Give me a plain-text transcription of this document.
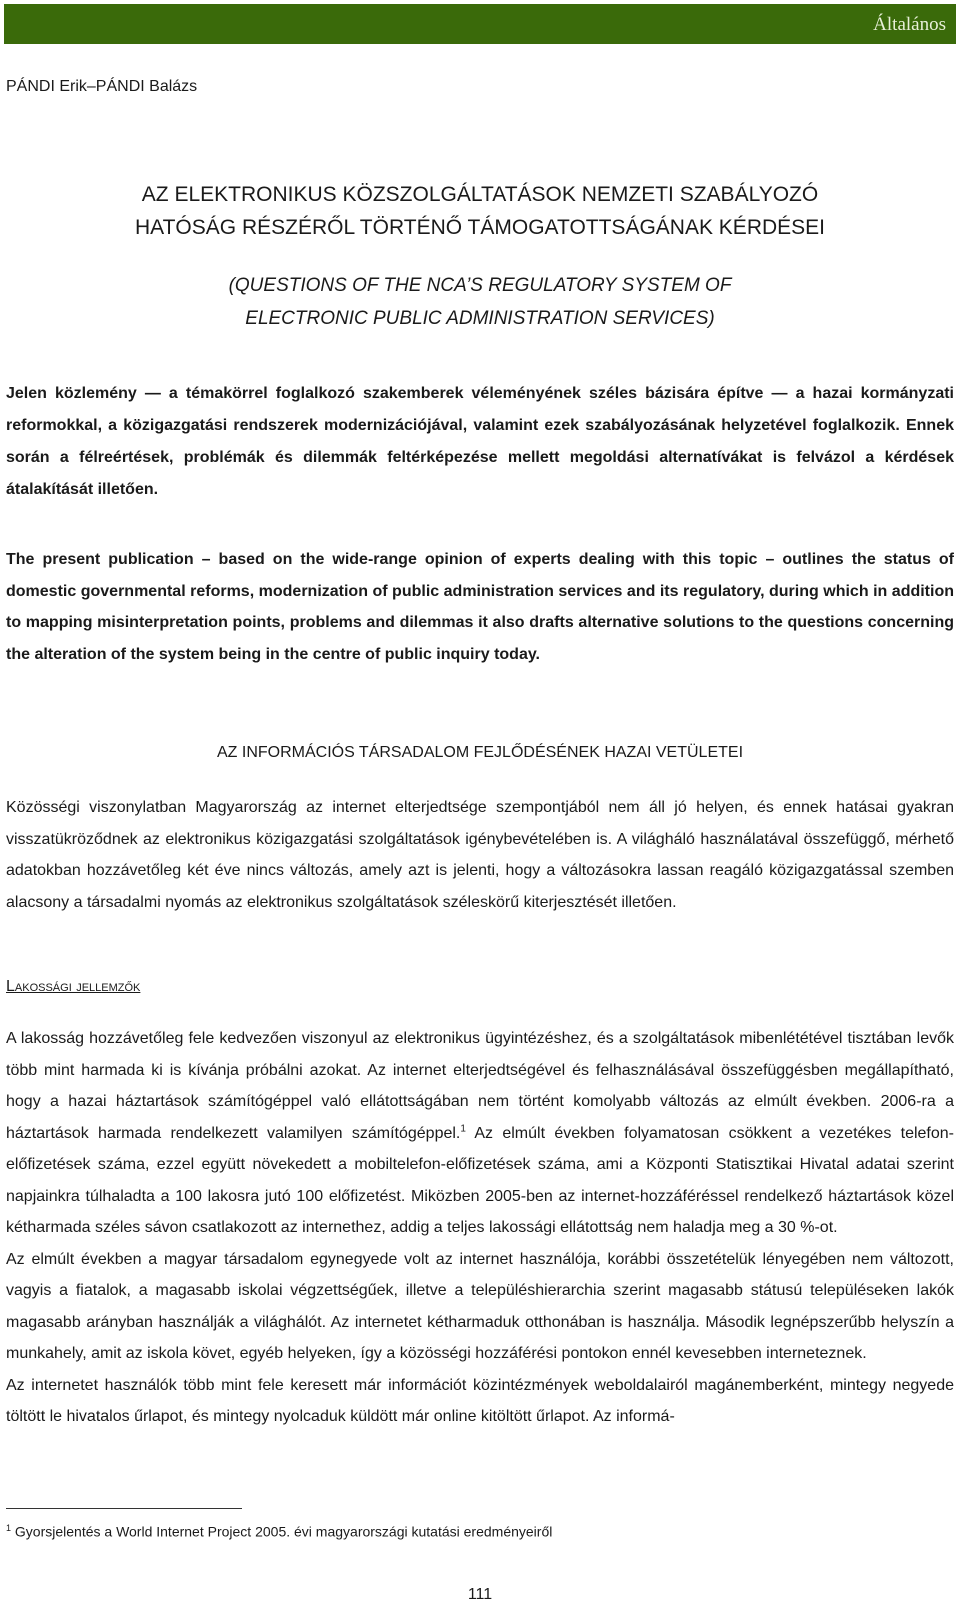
Általános
PÁNDI Erik–PÁNDI Balázs
AZ ELEKTRONIKUS KÖZSZOLGÁLTATÁSOK NEMZETI SZABÁLYOZÓ
HATÓSÁG RÉSZÉRŐL TÖRTÉNŐ TÁMOGATOTTSÁGÁNAK KÉRDÉSEI
(QUESTIONS OF THE NCA’S REGULATORY SYSTEM OF
ELECTRONIC PUBLIC ADMINISTRATION SERVICES)

Jelen közlemény — a témakörrel foglalkozó szakemberek véleményének széles bázisára építve — a hazai kormányzati reformokkal, a közigazgatási rendszerek modernizációjával, valamint ezek szabályozásának helyzetével foglalkozik. Ennek során a félreértések, problémák és dilemmák feltérképezése mellett megoldási alternatívákat is felvázol a kérdések átalakítását illetően.

The present publication – based on the wide-range opinion of experts dealing with this topic – outlines the status of domestic governmental reforms, modernization of public administration services and its regulatory, during which in addition to mapping misinterpretation points, problems and dilemmas it also drafts alternative solutions to the questions concerning the alteration of the system being in the centre of public inquiry today.

AZ INFORMÁCIÓS TÁRSADALOM FEJLŐDÉSÉNEK HAZAI VETÜLETEI

Közösségi viszonylatban Magyarország az internet elterjedtsége szempontjából nem áll jó helyen, és ennek hatásai gyakran visszatükröződnek az elektronikus közigazgatási szolgáltatások igénybevételében is. A világháló használatával összefüggő, mérhető adatokban hozzávetőleg két éve nincs változás, amely azt is jelenti, hogy a változásokra lassan reagáló közigazgatással szemben alacsony a társadalmi nyomás az elektronikus szolgáltatások széleskörű kiterjesztését illetően.

Lakossági jellemzők
A lakosság hozzávetőleg fele kedvezően viszonyul az elektronikus ügyintézéshez, és a szolgáltatások mibenlététével tisztában levők több mint harmada ki is kívánja próbálni azokat. Az internet elterjedtségével és felhasználásával összefüggésben megállapítható, hogy a hazai háztartások számítógéppel való ellátottságában nem történt komolyabb változás az elmúlt években. 2006-ra a háztartások harmada rendelkezett valamilyen számítógéppel.$^1$ Az elmúlt években folyamatosan csökkent a vezetékes telefon-előfizetések száma, ezzel együtt növekedett a mobiltelefon-előfizetések száma, ami a Központi Statisztikai Hivatal adatai szerint napjainkra túlhaladta a 100 lakosra jutó 100 előfizetést. Miközben 2005-ben az internet-hozzáféréssel rendelkező háztartások közel kétharmada széles sávon csatlakozott az internethez, addig a teljes lakossági ellátottság nem haladja meg a 30 %-ot.
Az elmúlt években a magyar társadalom egynegyede volt az internet használója, korábbi összetételük lényegében nem változott, vagyis a fiatalok, a magasabb iskolai végzettségűek, illetve a településhierarchia szerint magasabb státusú településeken lakók magasabb arányban használják a világhálót. Az internetet kétharmaduk otthonában is használja. Második legnépszerűbb helyszín a munkahely, amit az iskola követ, egyéb helyeken, így a közösségi hozzáférési pontokon ennél kevesebben interneteznek.
Az internetet használók több mint fele keresett már információt közintézmények weboldalairól magánemberként, mintegy negyede töltött le hivatalos űrlapot, és mintegy nyolcaduk küldött már online kitöltött űrlapot. Az informá-
$^1$ Gyorsjelentés a World Internet Project 2005. évi magyarországi kutatási eredményeiről
111
